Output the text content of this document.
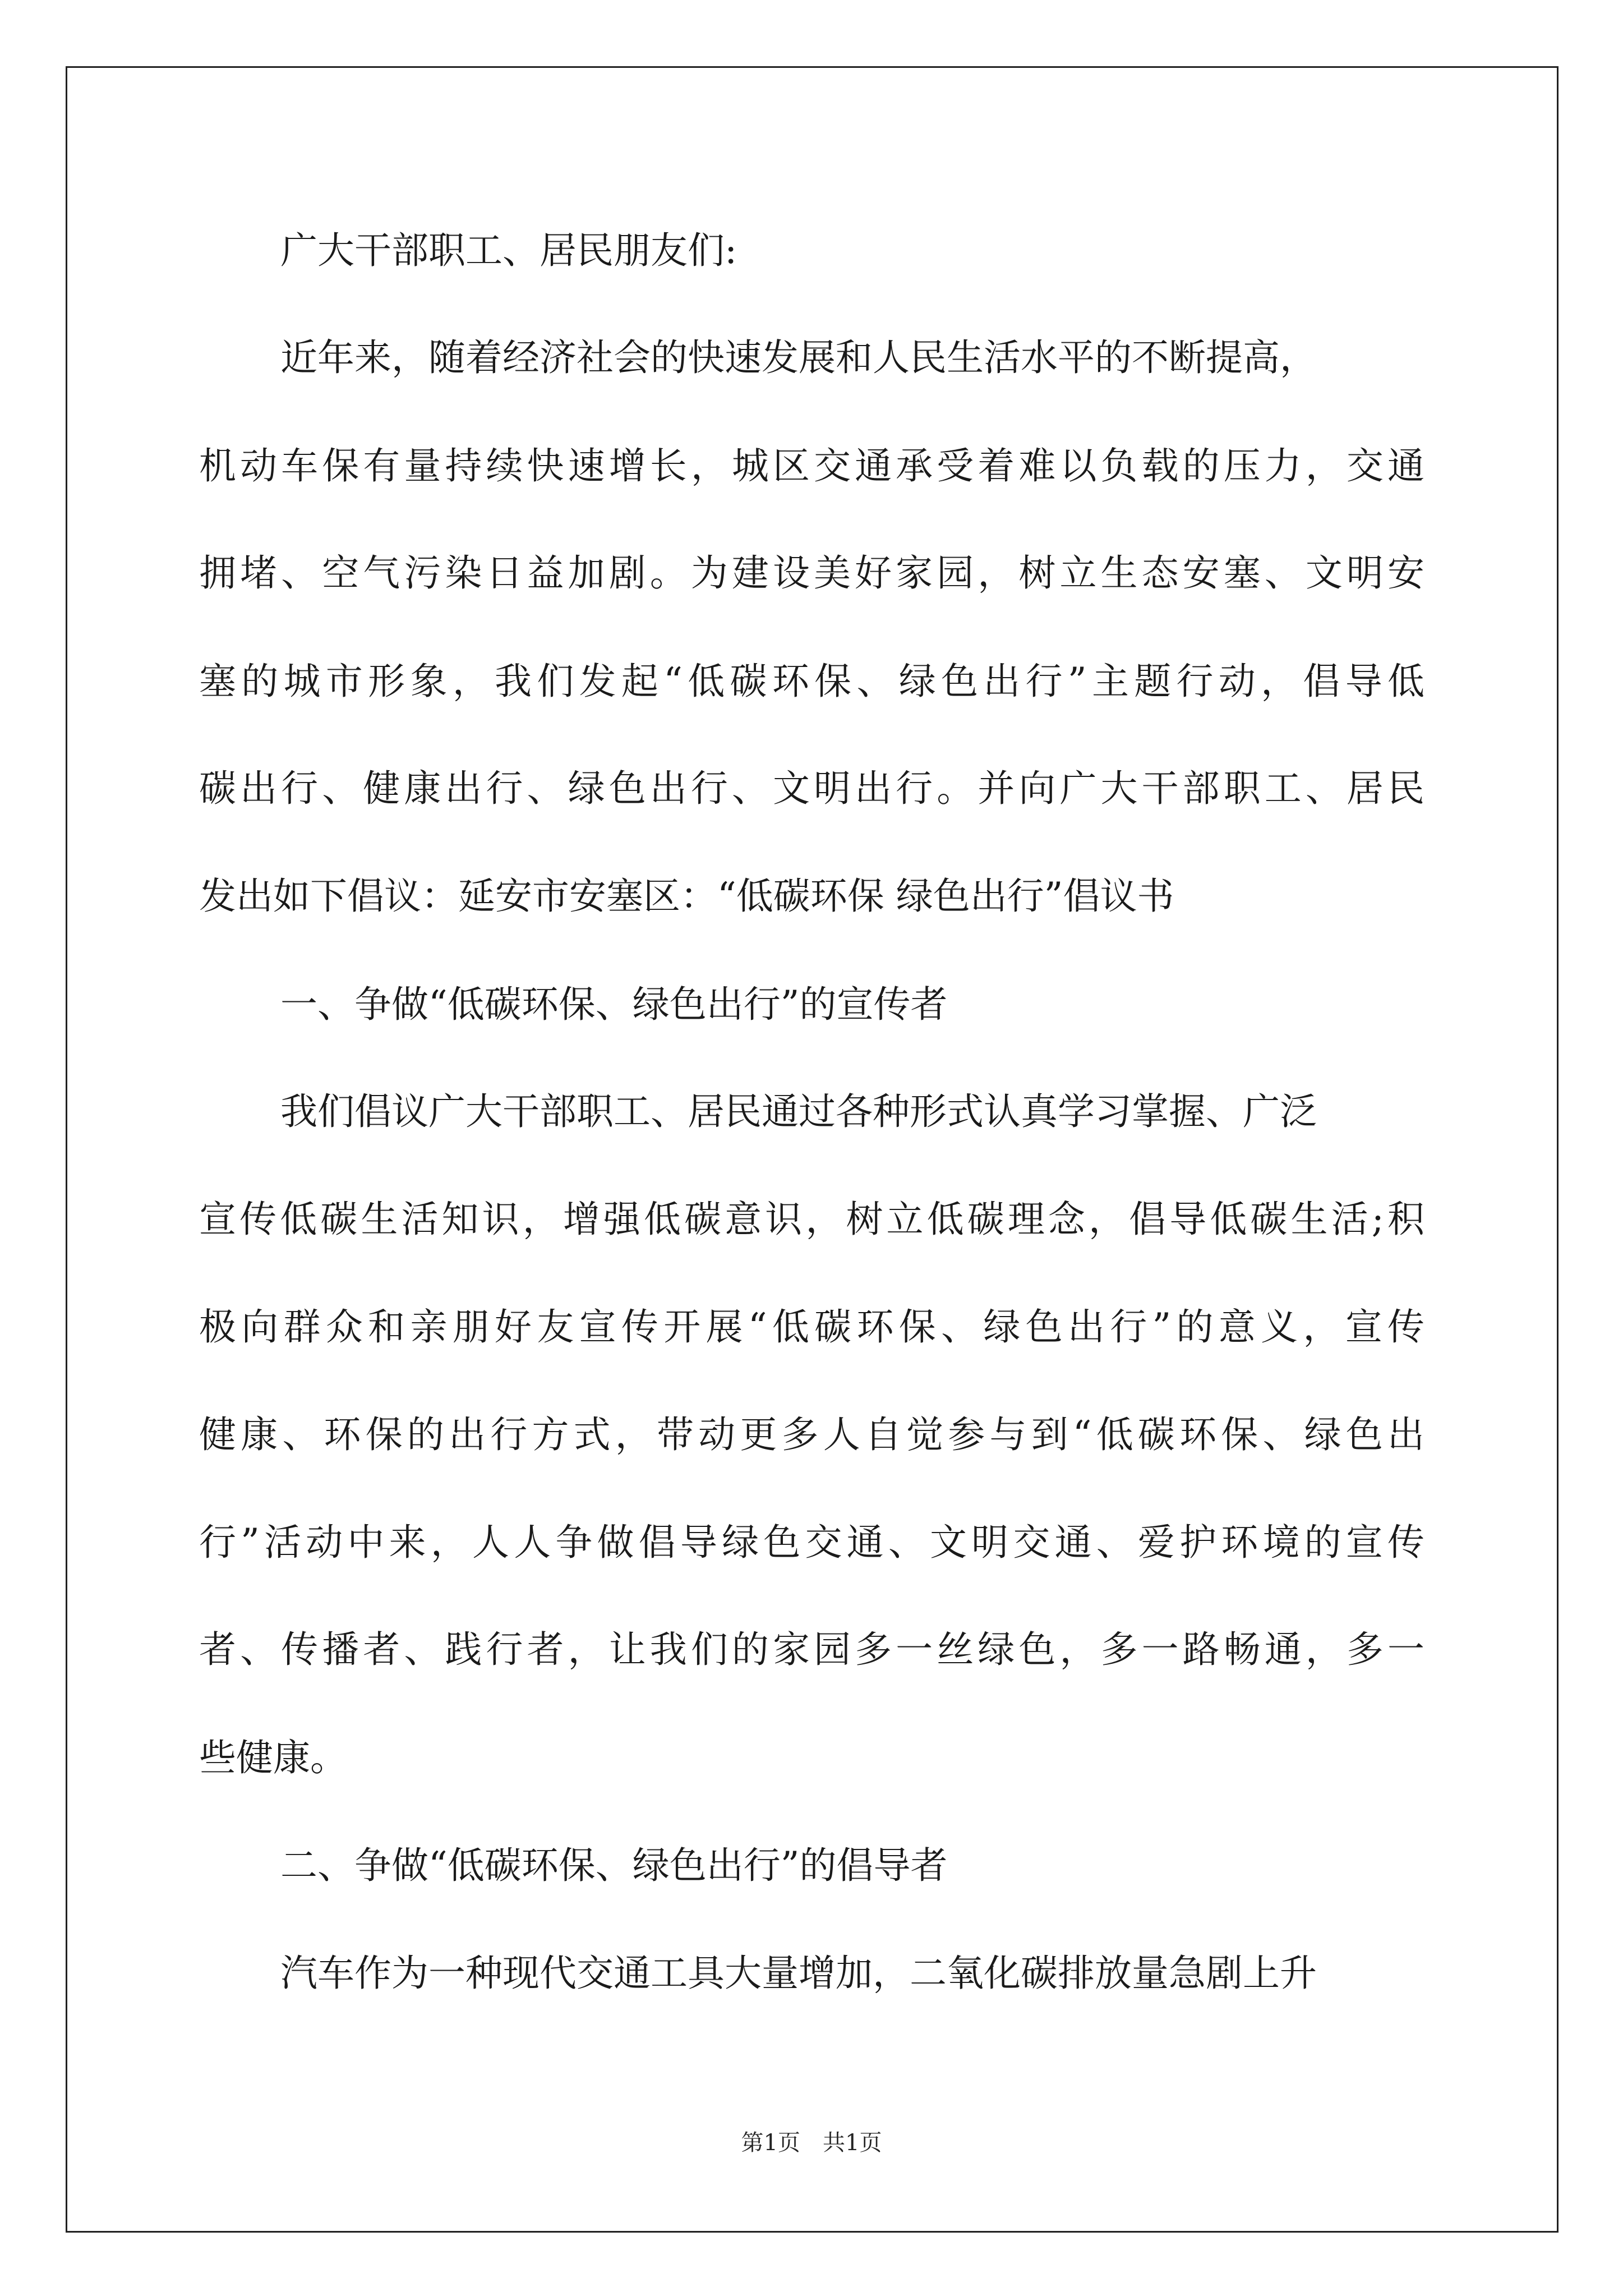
广大干部职工、居民朋友们:

近年来，随着经济社会的快速发展和人民生活水平的不断提高，

机动车保有量持续快速增长，城区交通承受着难以负载的压力，交通

拥堵、空气污染日益加剧。为建设美好家园，树立生态安塞、文明安

塞的城市形象，我们发起“低碳环保、绿色出行”主题行动，倡导低

碳出行、健康出行、绿色出行、文明出行。并向广大干部职工、居民

发出如下倡议：延安市安塞区：“低碳环保 绿色出行”倡议书

一、争做“低碳环保、绿色出行”的宣传者

我们倡议广大干部职工、居民通过各种形式认真学习掌握、广泛

宣传低碳生活知识，增强低碳意识，树立低碳理念，倡导低碳生活;积

极向群众和亲朋好友宣传开展“低碳环保、绿色出行”的意义，宣传

健康、环保的出行方式，带动更多人自觉参与到“低碳环保、绿色出

行”活动中来，人人争做倡导绿色交通、文明交通、爱护环境的宣传

者、传播者、践行者，让我们的家园多一丝绿色，多一路畅通，多一

些健康。

二、争做“低碳环保、绿色出行”的倡导者

汽车作为一种现代交通工具大量增加，二氧化碳排放量急剧上升

第1页　共1页
